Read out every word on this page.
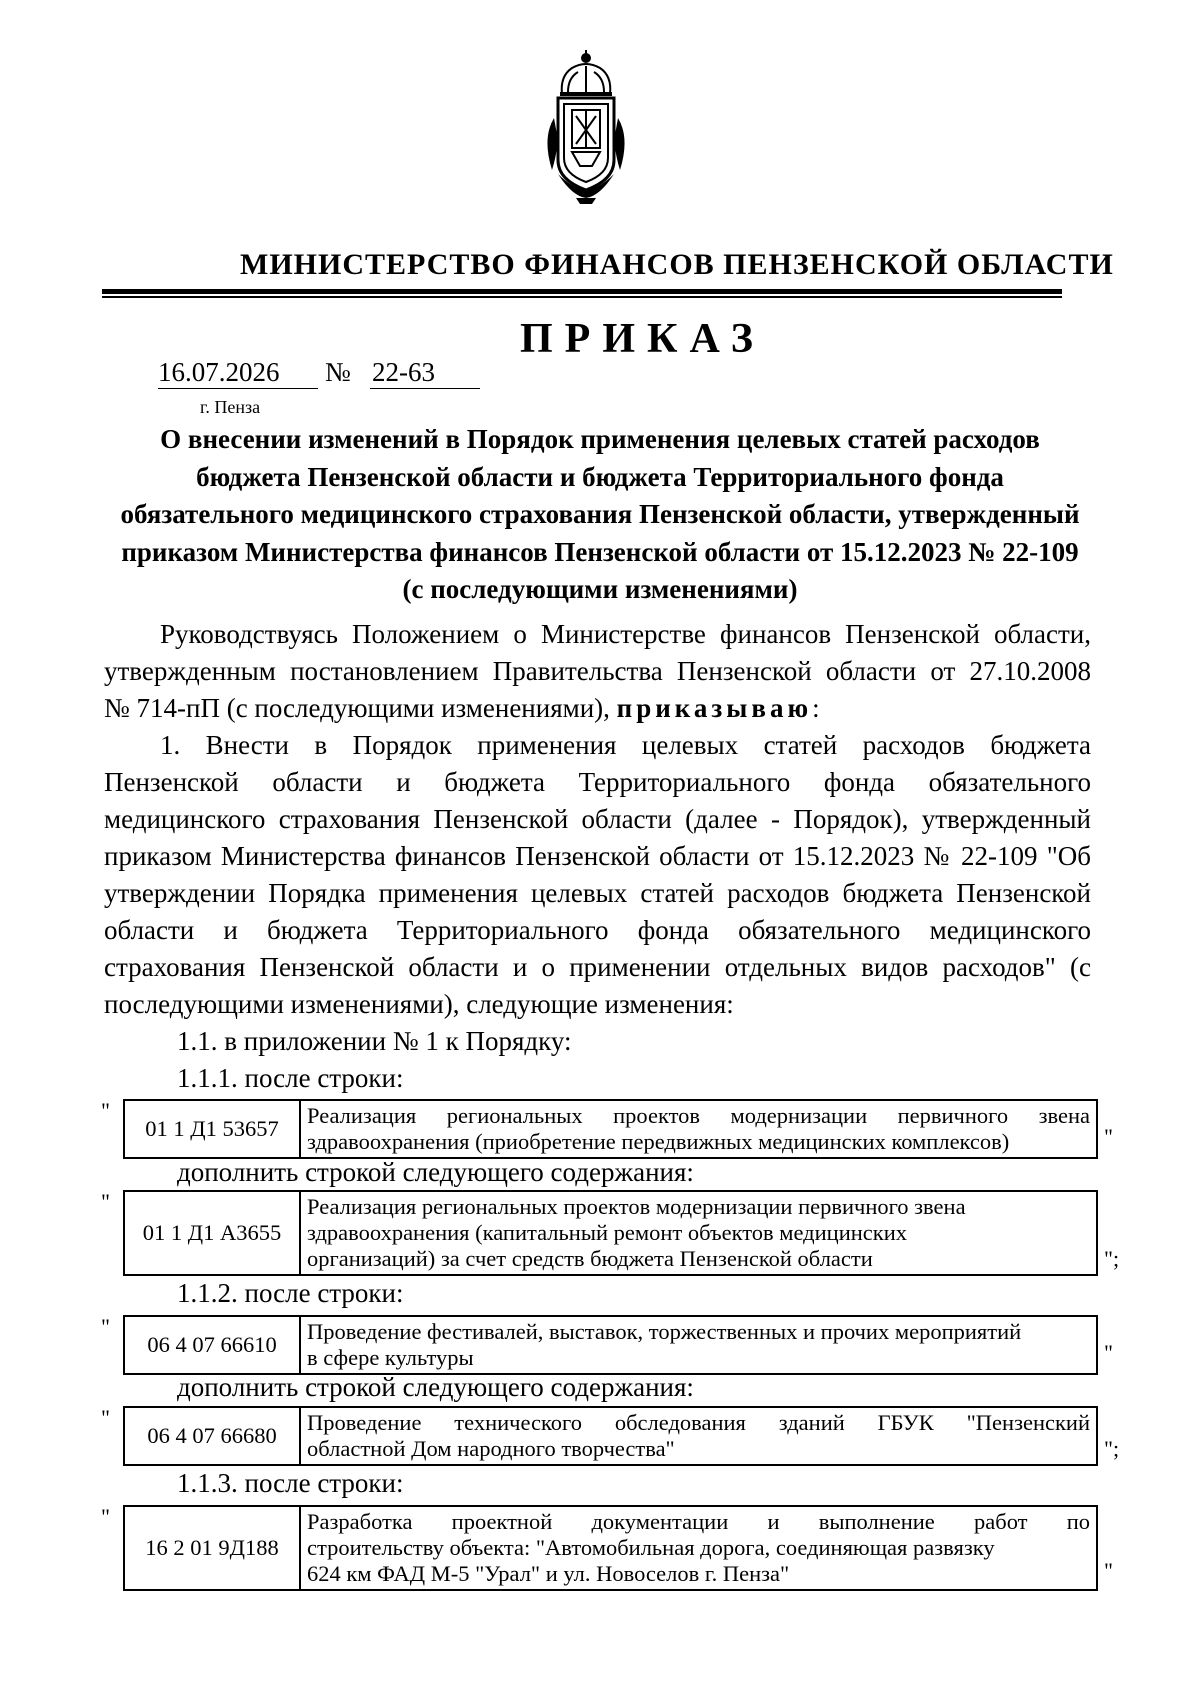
МИНИСТЕРСТВО ФИНАНСОВ ПЕНЗЕНСКОЙ ОБЛАСТИ
ПРИКАЗ
16.07.2026	№ 22-63
г. Пенза
О внесении изменений в Порядок применения целевых статей расходов
бюджета Пензенской области и бюджета Территориального фонда
обязательного медицинского страхования Пензенской области, утвержденный
приказом Министерства финансов Пензенской области от 15.12.2023 № 22-109
(с последующими изменениями)
Руководствуясь Положением о Министерстве финансов Пензенской области,
утвержденным постановлением Правительства Пензенской области от 27.10.2008
№ 714-пП (с последующими изменениями), приказываю:
1. Внести в Порядок применения целевых статей расходов бюджета
Пензенской области и бюджета Территориального фонда обязательного
медицинского страхования Пензенской области (далее - Порядок), утвержденный
приказом Министерства финансов Пензенской области от 15.12.2023 № 22-109 "Об
утверждении Порядка применения целевых статей расходов бюджета Пензенской
области и бюджета Территориального фонда обязательного медицинского
страхования Пензенской области и о применении отдельных видов расходов" (с
последующими изменениями), следующие изменения:
1.1. в приложении № 1 к Порядку:
1.1.1. после строки:
"
01 1 Д1 53657	Реализация региональных проектов модернизации первичного звена
здравоохранения (приобретение передвижных медицинских комплексов)	"
дополнить строкой следующего содержания:
"
01 1 Д1 А3655	
Реализация региональных проектов модернизации первичного звена
здравоохранения (капитальный ремонт объектов медицинских
организаций) за счет средств бюджета Пензенской области	";
1.1.2. после строки:
"
06 4 07 66610	
Проведение фестивалей, выставок, торжественных и прочих мероприятий
в сфере культуры	"
дополнить строкой следующего содержания:
"
06 4 07 66680	Проведение технического обследования зданий ГБУК "Пензенский
областной Дом народного творчества"	";
1.1.3. после строки:
"
16 2 01 9Д188	Разработка проектной документации и выполнение работ по
строительству объекта: "Автомобильная дорога, соединяющая развязку
624 км ФАД М-5 "Урал" и ул. Новоселов г. Пенза"	"
